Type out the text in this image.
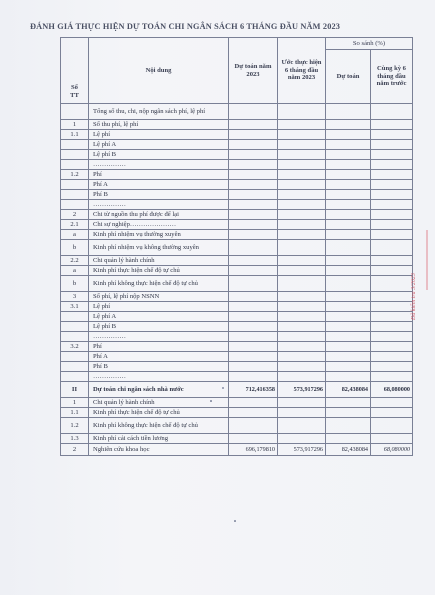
ĐÁNH GIÁ THỰC HIỆN DỰ TOÁN CHI NGÂN SÁCH 6 THÁNG ĐẦU NĂM 2023
Số TT	Nội dung	Dự toán năm 2023	Ước thực hiện 6 tháng đầu năm 2023	So sánh (%)	
				Dự toán	Cùng kỳ 6 tháng đầu năm trước
	Tổng số thu, chi, nộp ngân sách phí, lệ phí				
1	Số thu phí, lệ phí				
1.1	Lệ phí				
	Lệ phí A				
	Lệ phí B				
	……………				
1.2	Phí				
	Phí A				
	Phí B				
	……………				
2	Chi từ nguồn thu phí được để lại				
2.1	Chi sự nghiệp…………………				
a	Kinh phí nhiệm vụ thường xuyên				
b	Kinh phí nhiệm vụ không thường xuyên				
2.2	Chi quản lý hành chính				
a	Kinh phí thực hiện chế độ tự chủ				
b	Kinh phí không thực hiện chế độ tự chủ				
3	Số phí, lệ phí nộp NSNN				
3.1	Lệ phí				
	Lệ phí A				
	Lệ phí B				
	……………				
3.2	Phí				
	Phí A				
	Phí B				
	……………				
II	Dự toán chi ngân sách nhà nước	712,416358	573,917296	82,438084	68,080000
1	Chi quản lý hành chính				
1.1	Kinh phí thực hiện chế độ tự chủ				
1.2	Kinh phí không thực hiện chế độ tự chủ				
1.3	Kinh phí cải cách tiền lương				
2	Nghiên cứu khoa học	696,179810	573,917296	82,438084	68,080000
Đã kiểm tra 3/2023
